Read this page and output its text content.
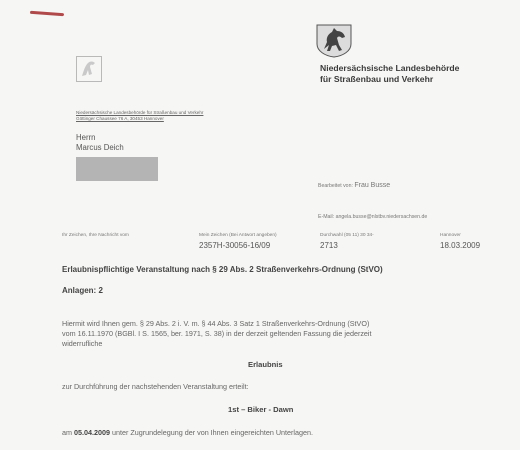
Niedersächsische Landesbehörde
für Straßenbau und Verkehr
Niedersächsische Landesbehörde für Straßenbau und Verkehr
Göttinger Chaussee 76 A, 30453 Hannover
Herrn
Marcus Deich
Bearbeitet von: Frau Busse
E-Mail: angela.busse@nlstbv.niedersachsen.de
Ihr Zeichen, Ihre Nachricht vom	Mein Zeichen (Bei Antwort angeben)
2357H-30056-16/09
Durchwahl (05 11) 30 34-
2713
Hannover
18.03.2009
Erlaubnispflichtige Veranstaltung nach § 29 Abs. 2 Straßenverkehrs-Ordnung (StVO)
Anlagen: 2
Hiermit wird Ihnen gem. § 29 Abs. 2 i. V. m. § 44 Abs. 3 Satz 1 Straßenverkehrs-Ordnung (StVO)
vom 16.11.1970 (BGBl. I S. 1565, ber. 1971, S. 38) in der derzeit geltenden Fassung die jederzeit
widerrufliche
Erlaubnis
zur Durchführung der nachstehenden Veranstaltung erteilt:
1st – Biker - Dawn
am 05.04.2009 unter Zugrundelegung der von Ihnen eingereichten Unterlagen.
